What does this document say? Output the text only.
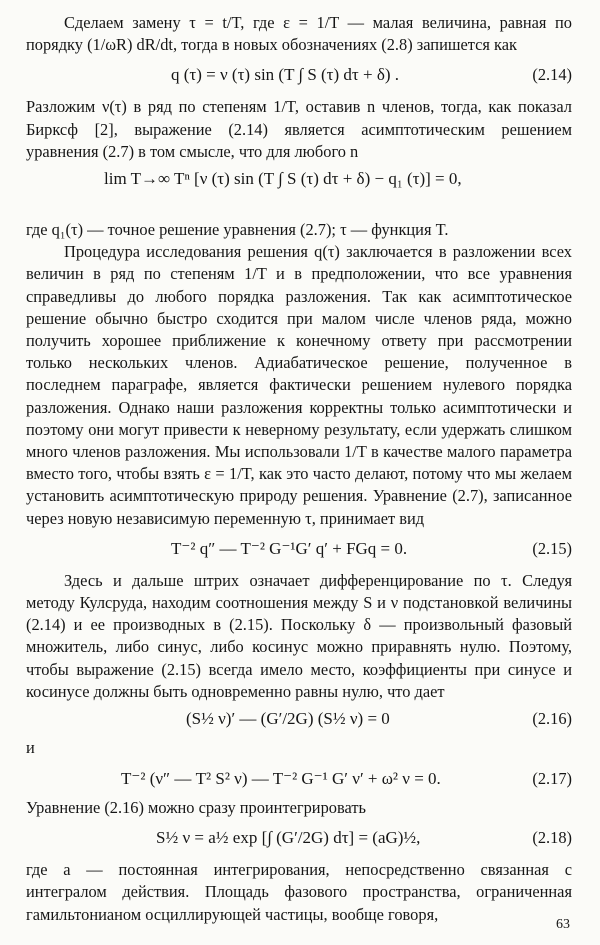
Сделаем замену τ = t/T, где ε = 1/T — малая величина, равная по порядку (1/ωR) dR/dt, тогда в новых обозначениях (2.8) запишется как

q (τ) = ν (τ) sin (T ∫ S (τ) dτ + δ) .	(2.14)

Разложим ν(τ) в ряд по степеням 1/T, оставив n членов, тогда, как показал Бирксф [2], выражение (2.14) является асимптотическим решением уравнения (2.7) в том смысле, что для любого n

lim T→∞ Tⁿ [ν (τ) sin (T ∫ S (τ) dτ + δ) − q₁ (τ)] = 0,

где q₁(τ) — точное решение уравнения (2.7); τ — функция T.

Процедура исследования решения q(τ) заключается в разложении всех величин в ряд по степеням 1/T и в предположении, что все уравнения справедливы до любого порядка разложения. Так как асимптотическое решение обычно быстро сходится при малом числе членов ряда, можно получить хорошее приближение к конечному ответу при рассмотрении только нескольких членов. Адиабатическое решение, полученное в последнем параграфе, является фактически решением нулевого порядка разложения. Однако наши разложения корректны только асимптотически и поэтому они могут привести к неверному результату, если удержать слишком много членов разложения. Мы использовали 1/T в качестве малого параметра вместо того, чтобы взять ε = 1/T, как это часто делают, потому что мы желаем установить асимптотическую природу решения. Уравнение (2.7), записанное через новую независимую переменную τ, принимает вид

T⁻² q″ — T⁻² G⁻¹G′ q′ + FGq = 0.	(2.15)

Здесь и дальше штрих означает дифференцирование по τ. Следуя методу Кулсруда, находим соотношения между S и ν подстановкой величины (2.14) и ее производных в (2.15). Поскольку δ — произвольный фазовый множитель, либо синус, либо косинус можно приравнять нулю. Поэтому, чтобы выражение (2.15) всегда имело место, коэффициенты при синусе и косинусе должны быть одновременно равны нулю, что дает

(S½ ν)′ — (G′/2G) (S½ ν) = 0	(2.16)

и

T⁻² (ν″ — T² S² ν) — T⁻² G⁻¹ G′ ν′ + ω² ν = 0.	(2.17)

Уравнение (2.16) можно сразу проинтегрировать

S½ ν = a½ exp [∫ (G′/2G) dτ] = (aG)½,	(2.18)

где a — постоянная интегрирования, непосредственно связанная с интегралом действия. Площадь фазового пространства, ограниченная гамильтонианом осциллирующей частицы, вообще говоря,

63
